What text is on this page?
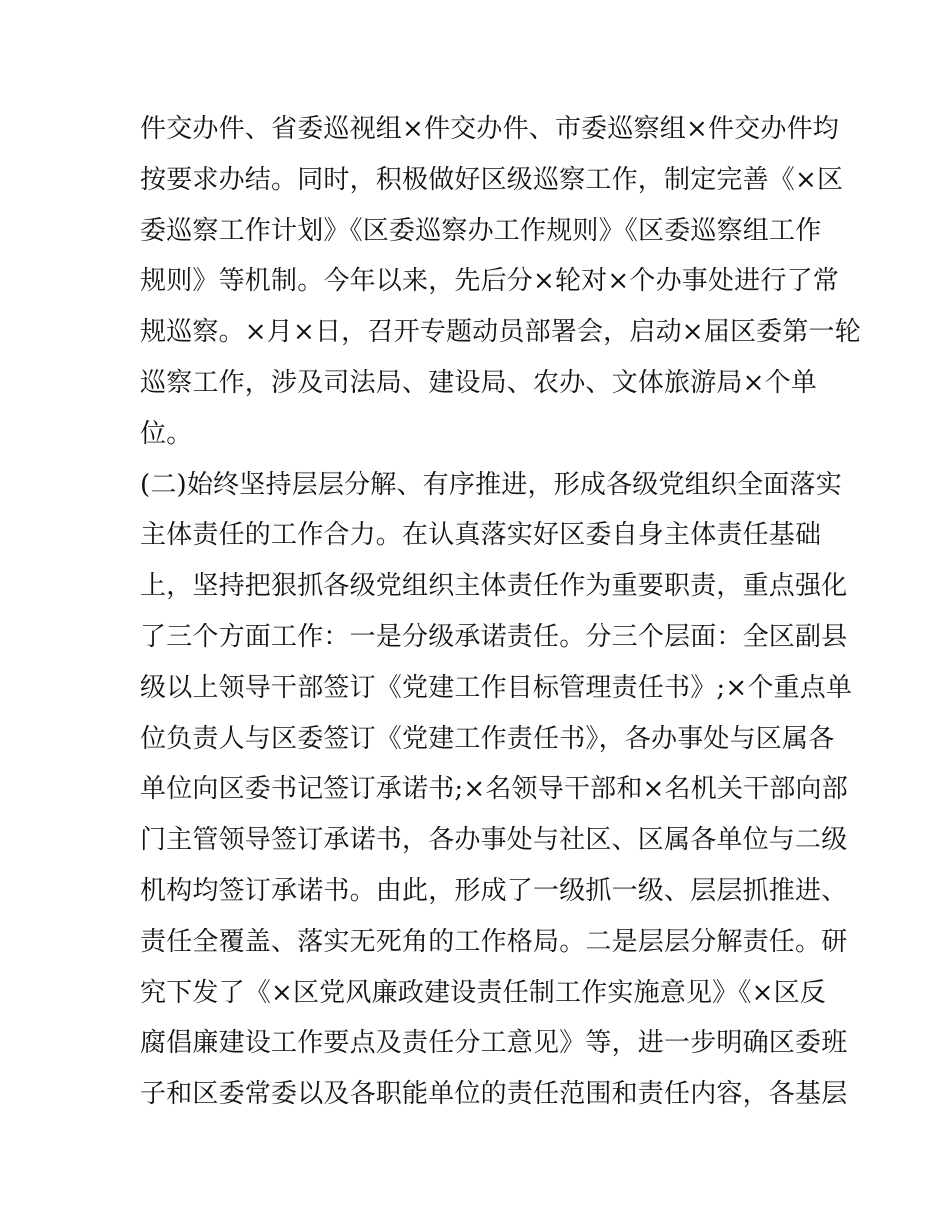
件交办件、省委巡视组×件交办件、市委巡察组×件交办件均
按要求办结。同时，积极做好区级巡察工作，制定完善《×区
委巡察工作计划》《区委巡察办工作规则》《区委巡察组工作
规则》等机制。今年以来，先后分×轮对×个办事处进行了常
规巡察。×月×日，召开专题动员部署会，启动×届区委第一轮
巡察工作，涉及司法局、建设局、农办、文体旅游局×个单
位。
(二)始终坚持层层分解、有序推进，形成各级党组织全面落实
主体责任的工作合力。在认真落实好区委自身主体责任基础
上，坚持把狠抓各级党组织主体责任作为重要职责，重点强化
了三个方面工作：一是分级承诺责任。分三个层面：全区副县
级以上领导干部签订《党建工作目标管理责任书》;×个重点单
位负责人与区委签订《党建工作责任书》，各办事处与区属各
单位向区委书记签订承诺书;×名领导干部和×名机关干部向部
门主管领导签订承诺书，各办事处与社区、区属各单位与二级
机构均签订承诺书。由此，形成了一级抓一级、层层抓推进、
责任全覆盖、落实无死角的工作格局。二是层层分解责任。研
究下发了《×区党风廉政建设责任制工作实施意见》《×区反
腐倡廉建设工作要点及责任分工意见》等，进一步明确区委班
子和区委常委以及各职能单位的责任范围和责任内容，各基层
